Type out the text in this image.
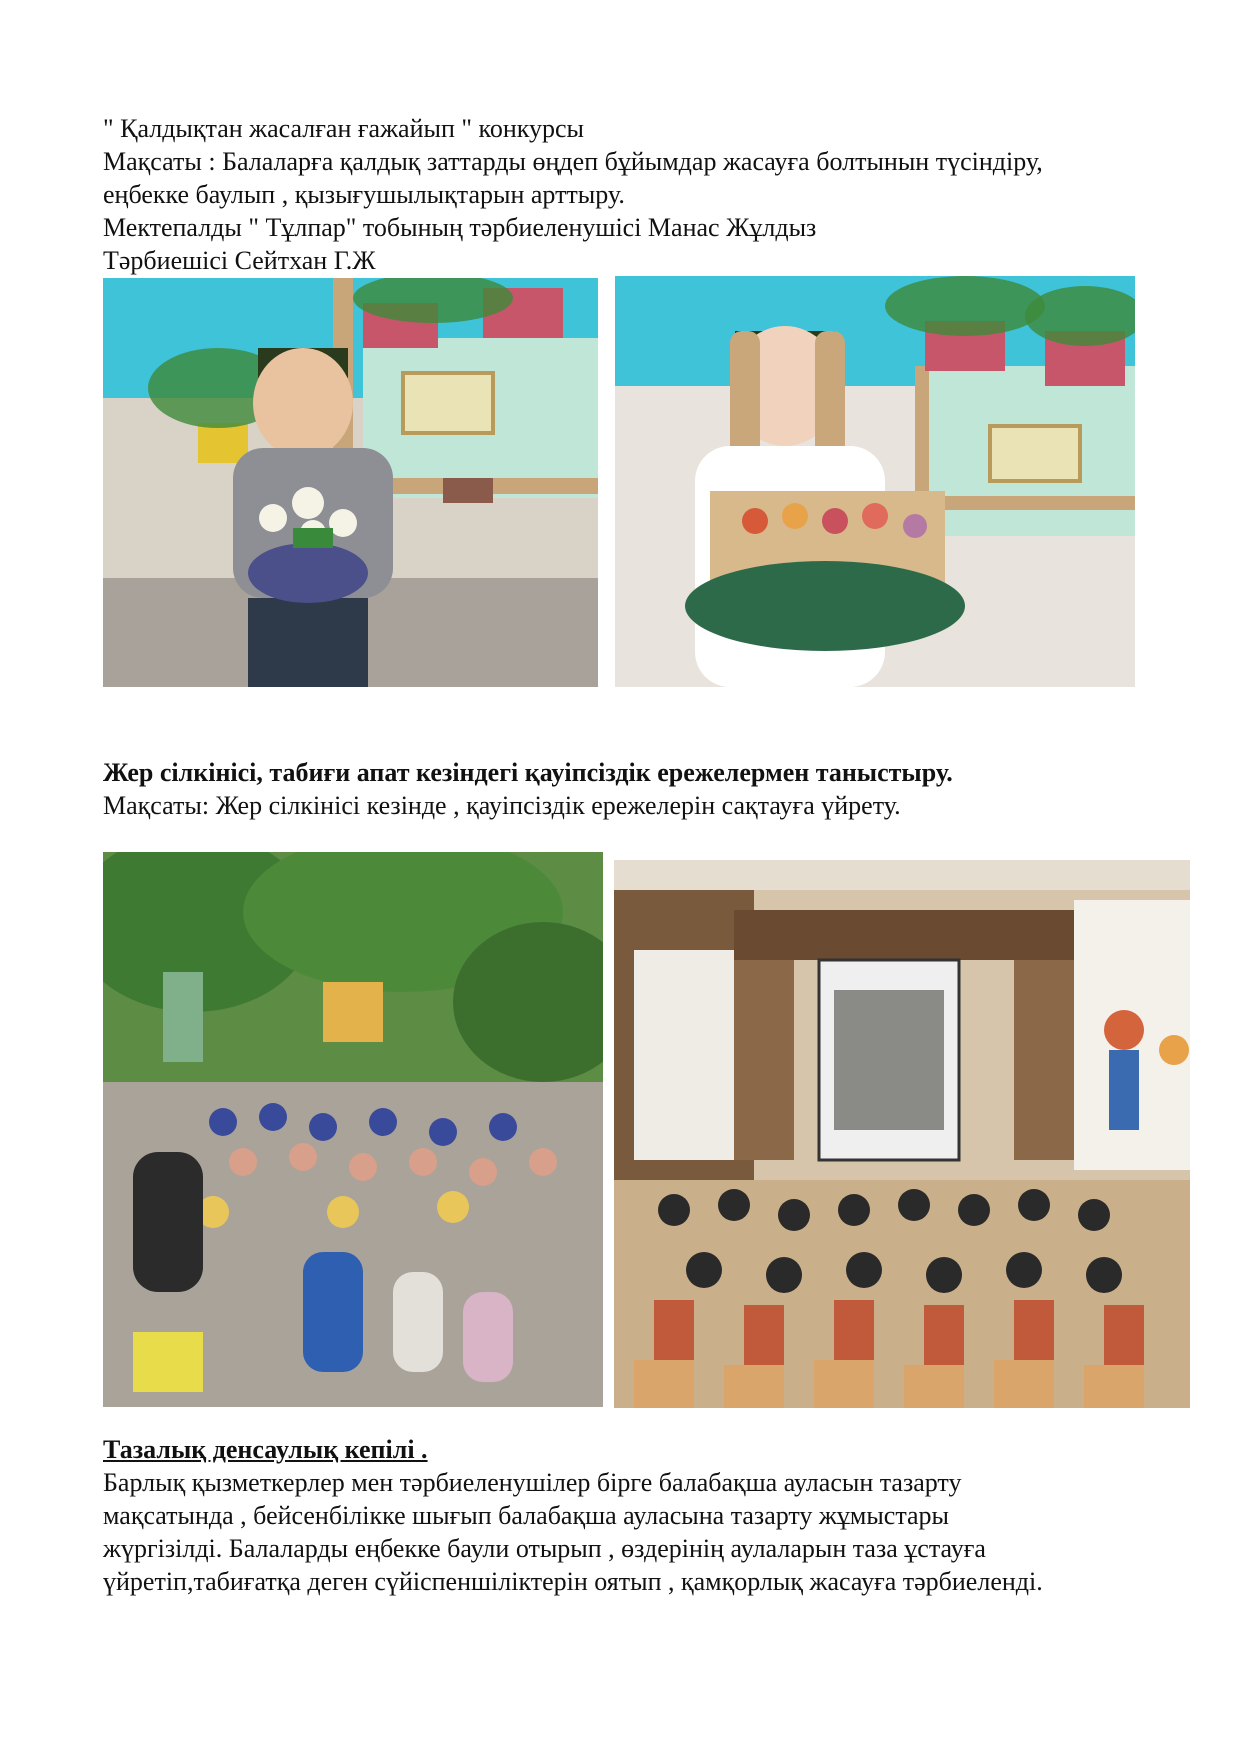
" Қалдықтан жасалған ғажайып " конкурсы
Мақсаты : Балаларға қалдық заттарды өңдеп бұйымдар жасауға болтынын түсіндіру,
еңбекке баулып , қызығушылықтарын арттыру.
Мектепалды " Тұлпар" тобының тәрбиеленушісі Манас Жұлдыз
Тәрбиешісі Сейтхан Г.Ж
Жер сілкінісі, табиғи апат кезіндегі қауіпсіздік ережелермен таныстыру.
Мақсаты: Жер сілкінісі кезінде , қауіпсіздік ережелерін сақтауға үйрету.
Тазалық денсаулық кепілі .
Барлық қызметкерлер мен тәрбиеленушілер бірге балабақша ауласын тазарту
мақсатында , бейсенбілікке шығып балабақша ауласына тазарту жұмыстары
жүргізілді. Балаларды еңбекке баули отырып , өздерінің аулаларын таза ұстауға
үйретіп,табиғатқа деген сүйіспеншіліктерін оятып , қамқорлық жасауға тәрбиеленді.
